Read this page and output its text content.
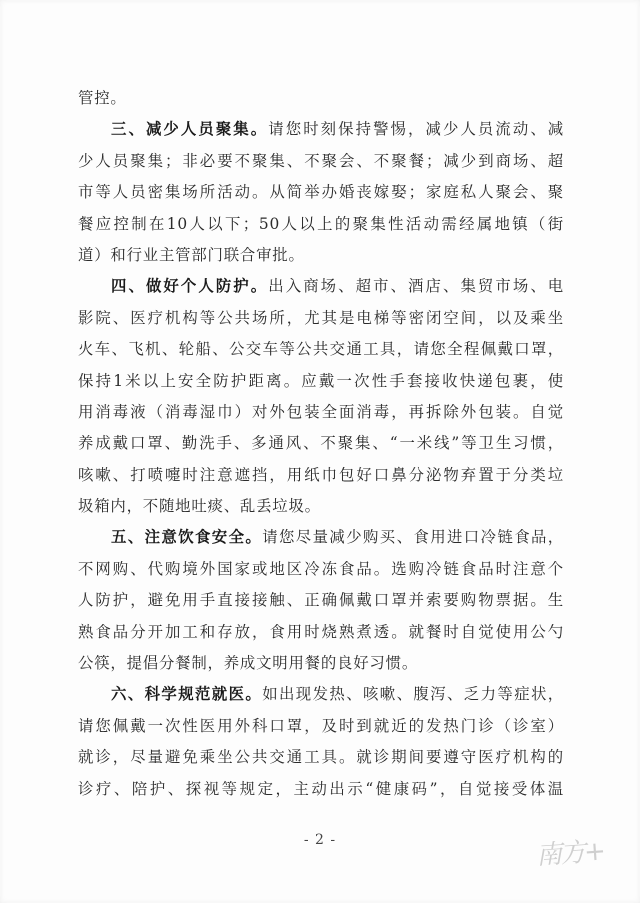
管控。
三、减少人员聚集。请您时刻保持警惕，减少人员流动、减
少人员聚集；非必要不聚集、不聚会、不聚餐；减少到商场、超
市等人员密集场所活动。从简举办婚丧嫁娶；家庭私人聚会、聚
餐应控制在10人以下；50人以上的聚集性活动需经属地镇（街
道）和行业主管部门联合审批。
四、做好个人防护。出入商场、超市、酒店、集贸市场、电
影院、医疗机构等公共场所，尤其是电梯等密闭空间，以及乘坐
火车、飞机、轮船、公交车等公共交通工具，请您全程佩戴口罩，
保持1米以上安全防护距离。应戴一次性手套接收快递包裹，使
用消毒液（消毒湿巾）对外包装全面消毒，再拆除外包装。自觉
养成戴口罩、勤洗手、多通风、不聚集、“一米线”等卫生习惯，
咳嗽、打喷嚏时注意遮挡，用纸巾包好口鼻分泌物弃置于分类垃
圾箱内，不随地吐痰、乱丢垃圾。
五、注意饮食安全。请您尽量减少购买、食用进口冷链食品，
不网购、代购境外国家或地区冷冻食品。选购冷链食品时注意个
人防护，避免用手直接接触、正确佩戴口罩并索要购物票据。生
熟食品分开加工和存放，食用时烧熟煮透。就餐时自觉使用公勺
公筷，提倡分餐制，养成文明用餐的良好习惯。
六、科学规范就医。如出现发热、咳嗽、腹泻、乏力等症状，
请您佩戴一次性医用外科口罩，及时到就近的发热门诊（诊室）
就诊，尽量避免乘坐公共交通工具。就诊期间要遵守医疗机构的
诊疗、陪护、探视等规定，主动出示“健康码”，自觉接受体温
- 2 -	南方+
